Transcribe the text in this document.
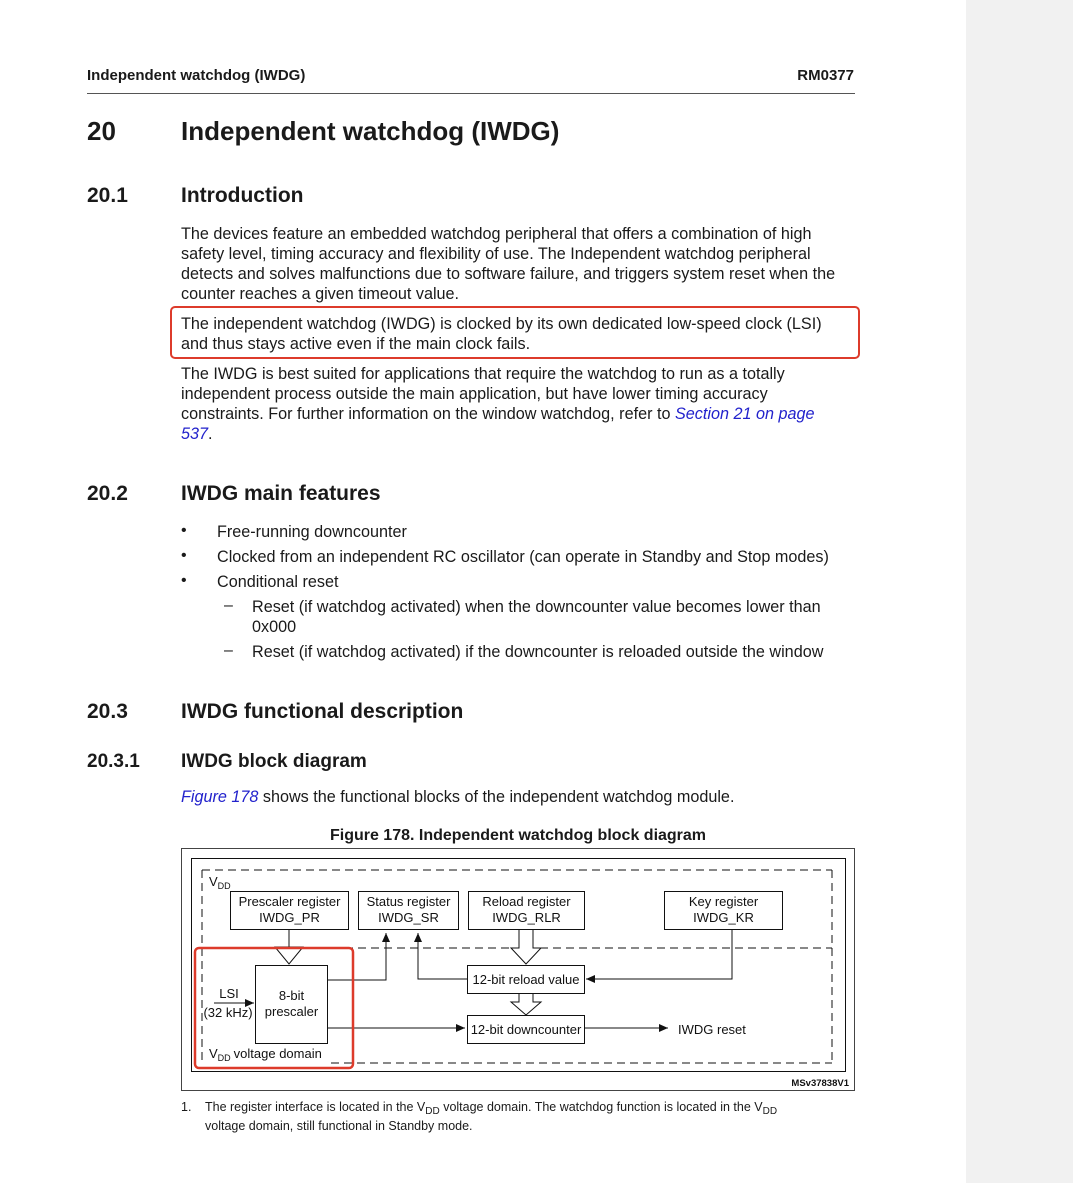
Independent watchdog (IWDG)	RM0377
20	Independent watchdog (IWDG)
20.1	Introduction
The devices feature an embedded watchdog peripheral that offers a combination of high
safety level, timing accuracy and flexibility of use. The Independent watchdog peripheral
detects and solves malfunctions due to software failure, and triggers system reset when the
counter reaches a given timeout value.
The independent watchdog (IWDG) is clocked by its own dedicated low-speed clock (LSI)
and thus stays active even if the main clock fails.
The IWDG is best suited for applications that require the watchdog to run as a totally
independent process outside the main application, but have lower timing accuracy
constraints. For further information on the window watchdog, refer to Section 21 on page
537.
20.2	IWDG main features
• Free-running downcounter
• Clocked from an independent RC oscillator (can operate in Standby and Stop modes)
• Conditional reset
– Reset (if watchdog activated) when the downcounter value becomes lower than
0x000
– Reset (if watchdog activated) if the downcounter is reloaded outside the window
20.3	IWDG functional description
20.3.1 IWDG block diagram
Figure 178 shows the functional blocks of the independent watchdog module.
Figure 178. Independent watchdog block diagram
$V_{DD}$
Prescaler register
IWDG_PR
Status register
IWDG_SR
Reload register
IWDG_RLR
Key register
IWDG_KR
8-bit
prescaler
LSI
(32 kHz)
12-bit reload value
12-bit downcounter	IWDG reset
$V_{DD}$ voltage domain
MSv37838V1
1. The register interface is located in the $V_{DD}$ voltage domain. The watchdog function is located in the $V_{DD}$
voltage domain, still functional in Standby mode.
